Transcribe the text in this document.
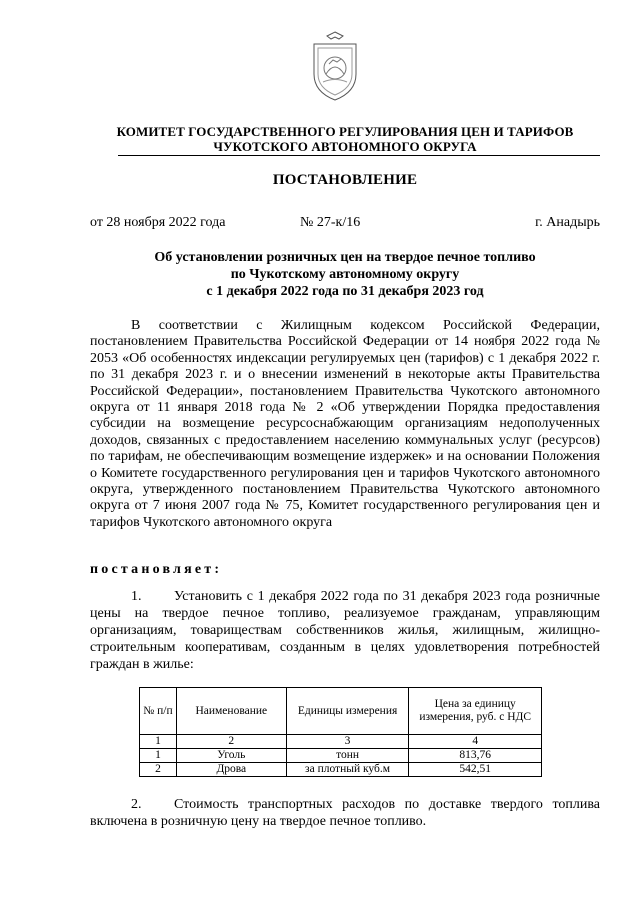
КОМИТЕТ ГОСУДАРСТВЕННОГО РЕГУЛИРОВАНИЯ ЦЕН И ТАРИФОВ
ЧУКОТСКОГО АВТОНОМНОГО ОКРУГА
ПОСТАНОВЛЕНИЕ
от 28 ноября 2022 года	№ 27-к/16	г. Анадырь
Об установлении розничных цен на твердое печное топливо
по Чукотскому автономному округу
с 1 декабря 2022 года по 31 декабря 2023 год
В соответствии с Жилищным кодексом Российской Федерации, постановлением Правительства Российской Федерации от 14 ноября 2022 года № 2053 «Об особенностях индексации регулируемых цен (тарифов) с 1 декабря 2022 г. по 31 декабря 2023 г. и о внесении изменений в некоторые акты Правительства Российской Федерации», постановлением Правительства Чукотского автономного округа от 11 января 2018 года № 2 «Об утверждении Порядка предоставления субсидии на возмещение ресурсоснабжающим организациям недополученных доходов, связанных с предоставлением населению коммунальных услуг (ресурсов) по тарифам, не обеспечивающим возмещение издержек» и на основании Положения о Комитете государственного регулирования цен и тарифов Чукотского автономного округа, утвержденного постановлением Правительства Чукотского автономного округа от 7 июня 2007 года № 75, Комитет государственного регулирования цен и тарифов Чукотского автономного округа
постановляет:
1. Установить с 1 декабря 2022 года по 31 декабря 2023 года розничные цены на твердое печное топливо, реализуемое гражданам, управляющим организациям, товариществам собственников жилья, жилищным, жилищно-строительным кооперативам, созданным в целях удовлетворения потребностей граждан в жилье:
№ п/п	Наименование	Единицы измерения	Цена за единицу измерения, руб. с НДС
1	2	3	4
1	Уголь	тонн	813,76
2	Дрова	за плотный куб.м	542,51
2. Стоимость транспортных расходов по доставке твердого топлива включена в розничную цену на твердое печное топливо.
